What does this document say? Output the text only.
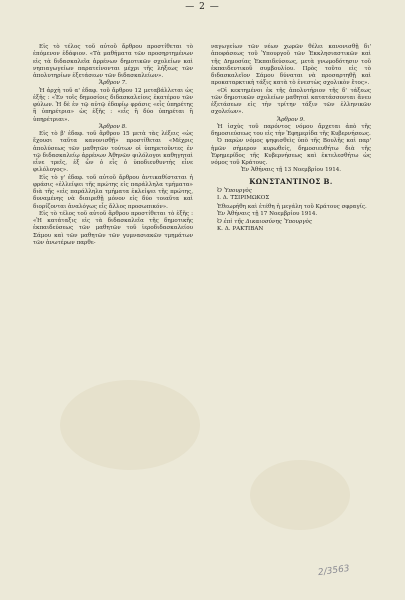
— 2 —

Εἰς τὸ τέλος τοῦ αὐτοῦ ἄρθρου προστίθεται τὸ ἑπόμενον ἐδάφιον. «Τὰ μαθήματα τῶν προσηρτημένων εἰς τὰ διδασκαλεῖα ἀρρένων δημοτικῶν σχολείων καὶ νηπιαγωγείων παρατείνονται μέχρι τῆς λήξεως τῶν ἀπολυτηρίων ἐξετάσεων τῶν διδασκαλείων».

Ἄρθρον 7.

Ἡ ἀρχὴ τοῦ α' ἐδαφ. τοῦ ἄρθρου 12 μεταβάλλεται ὡς ἑξῆς : «Ἐν τοῖς δημοσίοις διδασκαλείοις ἑκατέρου τῶν φύλων. Ἡ δὲ ἐν τῷ αὐτῷ ἐδαφίῳ φράσις «εἷς ὑπηρέτης ἢ ὑπηρέτρια» ὡς ἑξῆς : «εἷς ἢ δύο ὑπηρέται ἢ ὑπηρέτριαι».

Ἄρθρον 8.

Εἰς τὸ β' ἐδαφ. τοῦ ἄρθρου 15 μετὰ τὰς λέξεις «ὡς ἔχουσι ταῦτα κανονισθῇ» προστίθεται «Μέχρις ἀπολύσεως τῶν μαθητῶν τούτων οἱ ὑπηρετοῦντες ἐν τῷ διδασκαλείῳ ἀρρένων Ἀθηνῶν φιλόλογοι καθηγηταὶ εἶνε τρεῖς, ἐξ ὧν ὁ εἷς ὁ ὑποδιευθυντὴς εἶνε φιλόλογος».

Εἰς τὸ γ' ἐδαφ. τοῦ αὐτοῦ ἄρθρου ἀντικαθίσταται ἡ φράσις «ἐλλείψει τῆς πρώτης εἰς παράλληλα τμήματα» διὰ τῆς «εἰς παράλληλα τμήματα ἐκλείψει τῆς πρώτης, δυναμένης νὰ διαιρεθῇ μόνον εἰς δύο τοιαῦτα καὶ διορίζονται ἀναλόγως εἷς ἄλλος προσωπικόν».

Εἰς τὸ τέλος τοῦ αὐτοῦ ἄρθρου προστίθεται τὸ ἑξῆς : «Ἡ κατάταξις εἰς τὰ διδασκαλεῖα τῆς δημοτικῆς ἐκπαιδεύσεως τῶν μαθητῶν τοῦ ἱεροδιδασκαλείου Σάμου καὶ τῶν μαθητῶν τῶν γυμνασιακῶν τμημάτων τῶν ἀνωτέρων παρθε-

ναγωγείων τῶν νέων χωρῶν θέλει κανονισθῇ δι' ἀποφάσεως τοῦ Ὑπουργοῦ τῶν Ἐκκλησιαστικῶν καὶ τῆς Δημοσίας Ἐκπαιδεύσεως, μετὰ γνωμοδότησιν τοῦ ἐκπαιδευτικοῦ συμβουλίου. Πρὸς τοῦτο εἰς τὸ διδασκαλεῖον Σάμου δύναται νὰ προσαρτηθῇ καὶ προκαταρκτικὴ τάξις κατὰ τὸ ἐνεστὼς σχολικὸν ἔτος».

«Οἱ κεκτημένοι ἐκ τῆς ἀπολυτήριον τῆς δ' τάξεως τῶν δημοτικῶν σχολείων μαθηταὶ κατατάσσονται ἄνευ ἐξετάσεων εἰς τὴν τρίτην τάξιν τῶν ἑλληνικῶν σχολείων».

Ἄρθρον 9.

Ἡ ἰσχὺς τοῦ παρόντος νόμου ἄρχεται ἀπὸ τῆς δημοσιεύσεως του εἰς τὴν Ἐφημερίδα τῆς Κυβερνήσεως.

Ὁ παρὼν νόμος ψηφισθεὶς ὑπὸ τῆς Βουλῆς καὶ παρ' ἡμῶν σήμερον κυρωθείς, δημοσιευθήτω διὰ τῆς Ἐφημερίδος τῆς Κυβερνήσεως καὶ ἐκτελεσθήτω ὡς νόμος τοῦ Κράτους.

Ἐν Ἀθήναις τῇ 13 Νοεμβρίου 1914.

ΚΩΝΣΤΑΝΤΙΝΟΣ Β.

Ὁ Ὑπουργὸς

Ι. Δ. ΤΣΙΡΙΜΩΚΟΣ

Ἐθεωρήθη καὶ ἐτέθη ἡ μεγάλη τοῦ Κράτους σφραγίς.

Ἐν Ἀθήναις τῇ 17 Νοεμβρίου 1914.

Ὁ ἐπὶ τῆς Δικαιοσύνης Ὑπουργὸς

Κ. Δ. ΡΑΚΤΙΒΑΝ

2/3563
